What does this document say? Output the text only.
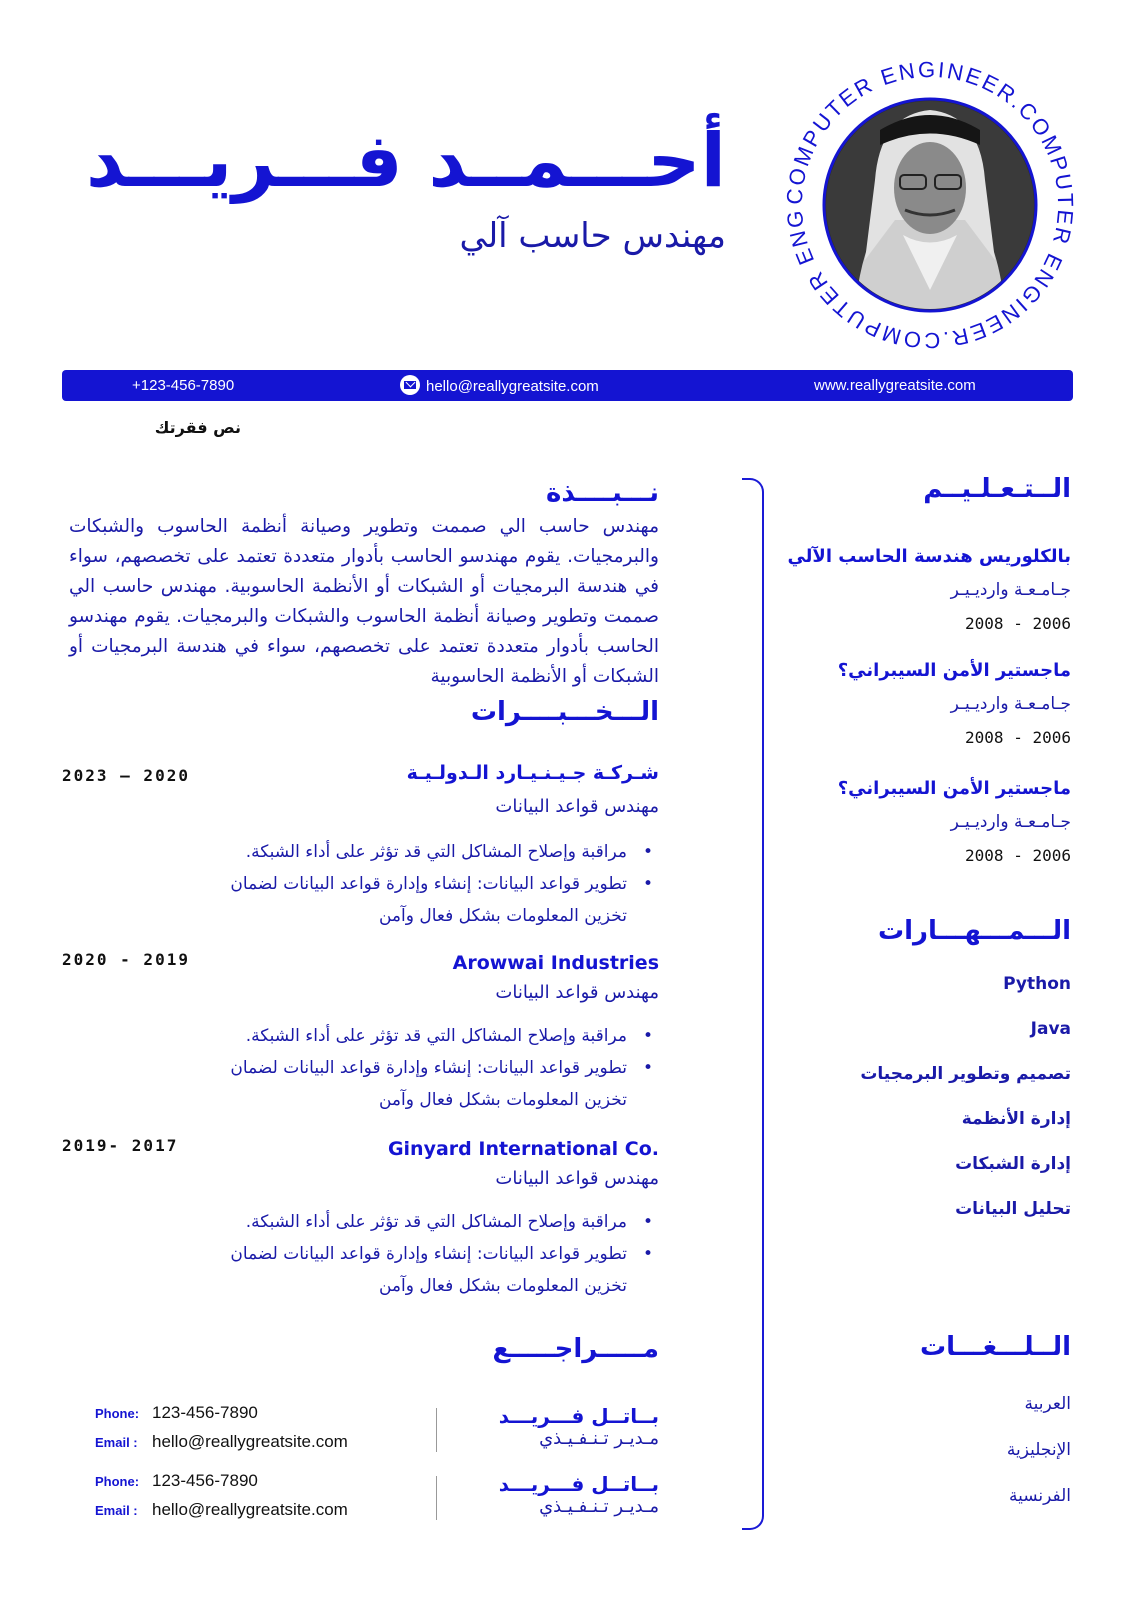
أحـــمــد فـــريـــد
مهندس حاسب آلي
OMPUTER ENGINEER.COMPU R ENGINEER.COMPUTER EN
+123-456-7890	hello@reallygreatsite.com	www.reallygreatsite.com
نص فقرتك
الــتـعـلـيــم
بالكلوريس هندسة الحاسب الآلي
جـامـعـة وارديـيـر
2008 - 2006
ماجستير الأمن السيبراني؟
جـامـعـة وارديـيـر
2008 - 2006
ماجستير الأمن السيبراني؟
جـامـعـة وارديـيـر
2008 - 2006
الـــمـــهـــارات
Python
Java
تصميم وتطوير البرمجيات
إدارة الأنظمة
إدارة الشبكات
تحليل البيانات
الــلـــغـــات
العربية
الإنجليزية
الفرنسية
نـــبــــذة
مهندس حاسب الي صممت وتطوير وصيانة أنظمة الحاسوب والشبكات والبرمجيات. يقوم مهندسو الحاسب بأدوار متعددة تعتمد على تخصصهم، سواء في هندسة البرمجيات أو الشبكات أو الأنظمة الحاسوبية. مهندس حاسب الي صممت وتطوير وصيانة أنظمة الحاسوب والشبكات والبرمجيات. يقوم مهندسو الحاسب بأدوار متعددة تعتمد على تخصصهم، سواء في هندسة البرمجيات أو الشبكات أو الأنظمة الحاسوبية
الـــخـــبــــرات
شـركـة جـيـنـيـارد الـدولـيـة
2023 – 2020
مهندس قواعد البيانات
•
مراقبة وإصلاح المشاكل التي قد تؤثر على أداء الشبكة.
•
تطوير قواعد البيانات: إنشاء وإدارة قواعد البيانات لضمان
تخزين المعلومات بشكل فعال وآمن
Arowwai Industries
2020 - 2019
مهندس قواعد البيانات
•
مراقبة وإصلاح المشاكل التي قد تؤثر على أداء الشبكة.
•
تطوير قواعد البيانات: إنشاء وإدارة قواعد البيانات لضمان
تخزين المعلومات بشكل فعال وآمن
Ginyard International Co.
2019- 2017
مهندس قواعد البيانات
•
مراقبة وإصلاح المشاكل التي قد تؤثر على أداء الشبكة.
•
تطوير قواعد البيانات: إنشاء وإدارة قواعد البيانات لضمان
تخزين المعلومات بشكل فعال وآمن
مـــــراجـــــع
بــاتــل فـــريـــد
مـديـر تـنـفـيـذي
Phone: 123-456-7890
Email : hello@reallygreatsite.com
بــاتــل فـــريـــد
مـديـر تـنـفـيـذي
Phone: 123-456-7890
Email : hello@reallygreatsite.com
